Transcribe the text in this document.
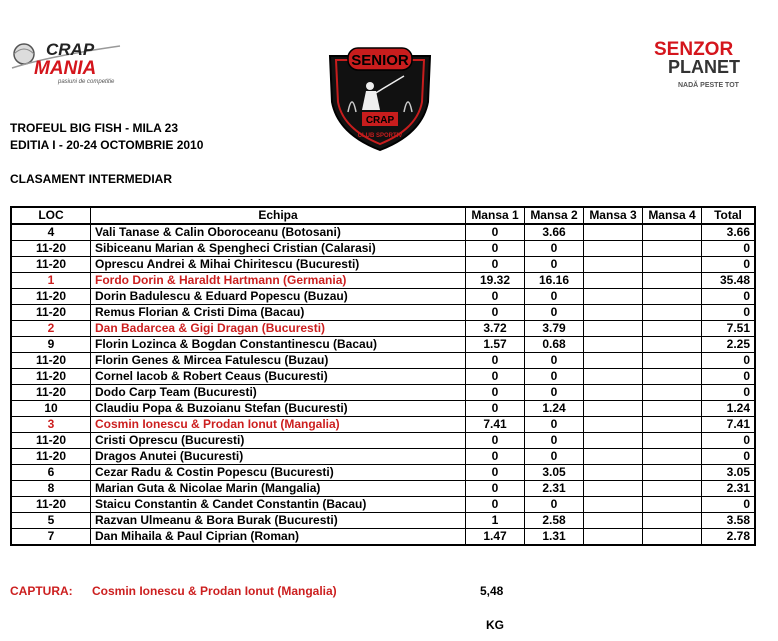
CRAP
MANIA
pasiuni de competitie
SENIOR
CRAP
CLUB SPORTIV
SENZOR
PLANET
NADĂ PESTE TOT
TROFEUL BIG FISH - MILA 23
EDITIA I - 20-24 OCTOMBRIE 2010
CLASAMENT INTERMEDIAR
LOC	Echipa	Mansa 1	Mansa 2	Mansa 3	Mansa 4	Total
4	Vali Tanase & Calin Oboroceanu (Botosani)	0	3.66			3.66
11-20	Sibiceanu Marian & Spengheci Cristian (Calarasi)	0	0			0
11-20	Oprescu Andrei & Mihai Chiritescu (Bucuresti)	0	0			0
1	Fordo Dorin & Haraldt Hartmann (Germania)	19.32	16.16			35.48
11-20	Dorin Badulescu & Eduard Popescu (Buzau)	0	0			0
11-20	Remus Florian & Cristi Dima (Bacau)	0	0			0
2	Dan Badarcea & Gigi Dragan (Bucuresti)	3.72	3.79			7.51
9	Florin Lozinca & Bogdan Constantinescu (Bacau)	1.57	0.68			2.25
11-20	Florin Genes & Mircea Fatulescu (Buzau)	0	0			0
11-20	Cornel Iacob & Robert Ceaus (Bucuresti)	0	0			0
11-20	Dodo Carp Team (Bucuresti)	0	0			0
10	Claudiu Popa & Buzoianu Stefan (Bucuresti)	0	1.24			1.24
3	Cosmin Ionescu & Prodan Ionut (Mangalia)	7.41	0			7.41
11-20	Cristi Oprescu (Bucuresti)	0	0			0
11-20	Dragos Anutei (Bucuresti)	0	0			0
6	Cezar Radu & Costin Popescu (Bucuresti)	0	3.05			3.05
8	Marian Guta & Nicolae Marin (Mangalia)	0	2.31			2.31
11-20	Staicu Constantin & Candet Constantin (Bacau)	0	0			0
5	Razvan Ulmeanu & Bora Burak (Bucuresti)	1	2.58			3.58
7	Dan Mihaila & Paul Ciprian (Roman)	1.47	1.31			2.78
CAPTURA: Cosmin Ionescu & Prodan Ionut (Mangalia)	5,48
KG
